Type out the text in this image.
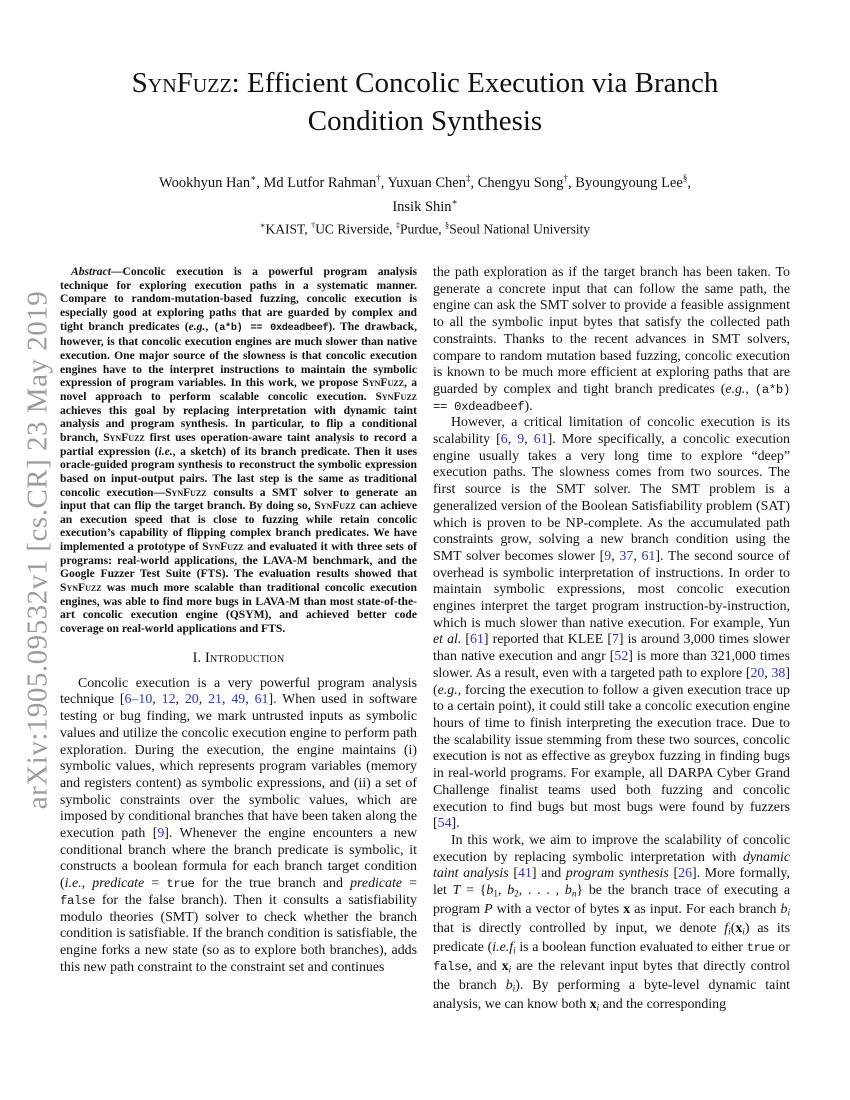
arXiv:1905.09532v1 [cs.CR] 23 May 2019
SynFuzz: Efficient Concolic Execution via Branch
Condition Synthesis
Wookhyun Han∗, Md Lutfor Rahman†, Yuxuan Chen‡, Chengyu Song†, Byoungyoung Lee§,
Insik Shin∗
∗KAIST, †UC Riverside, ‡Purdue, §Seoul National University

Abstract—Concolic execution is a powerful program analysis technique for exploring execution paths in a systematic manner. Compare to random-mutation-based fuzzing, concolic execution is especially good at exploring paths that are guarded by complex and tight branch predicates (e.g., (a*b) == 0xdeadbeef). The drawback, however, is that concolic execution engines are much slower than native execution. One major source of the slowness is that concolic execution engines have to the interpret instructions to maintain the symbolic expression of program variables. In this work, we propose SynFuzz, a novel approach to perform scalable concolic execution. SynFuzz achieves this goal by replacing interpretation with dynamic taint analysis and program synthesis. In particular, to flip a conditional branch, SynFuzz first uses operation-aware taint analysis to record a partial expression (i.e., a sketch) of its branch predicate. Then it uses oracle-guided program synthesis to reconstruct the symbolic expression based on input-output pairs. The last step is the same as traditional concolic execution—SynFuzz consults a SMT solver to generate an input that can flip the target branch. By doing so, SynFuzz can achieve an execution speed that is close to fuzzing while retain concolic execution’s capability of flipping complex branch predicates. We have implemented a prototype of SynFuzz and evaluated it with three sets of programs: real-world applications, the LAVA-M benchmark, and the Google Fuzzer Test Suite (FTS). The evaluation results showed that SynFuzz was much more scalable than traditional concolic execution engines, was able to find more bugs in LAVA-M than most state-of-the-art concolic execution engine (QSYM), and achieved better code coverage on real-world applications and FTS.

I. Introduction

Concolic execution is a very powerful program analysis technique [6–10, 12, 20, 21, 49, 61]. When used in software testing or bug finding, we mark untrusted inputs as symbolic values and utilize the concolic execution engine to perform path exploration. During the execution, the engine maintains (i) symbolic values, which represents program variables (memory and registers content) as symbolic expressions, and (ii) a set of symbolic constraints over the symbolic values, which are imposed by conditional branches that have been taken along the execution path [9]. Whenever the engine encounters a new conditional branch where the branch predicate is symbolic, it constructs a boolean formula for each branch target condition (i.e., predicate = true for the true branch and predicate = false for the false branch). Then it consults a satisfiability modulo theories (SMT) solver to check whether the branch condition is satisfiable. If the branch condition is satisfiable, the engine forks a new state (so as to explore both branches), adds this new path constraint to the constraint set and continues

the path exploration as if the target branch has been taken. To generate a concrete input that can follow the same path, the engine can ask the SMT solver to provide a feasible assignment to all the symbolic input bytes that satisfy the collected path constraints. Thanks to the recent advances in SMT solvers, compare to random mutation based fuzzing, concolic execution is known to be much more efficient at exploring paths that are guarded by complex and tight branch predicates (e.g., (a*b) == 0xdeadbeef).

However, a critical limitation of concolic execution is its scalability [6, 9, 61]. More specifically, a concolic execution engine usually takes a very long time to explore “deep” execution paths. The slowness comes from two sources. The first source is the SMT solver. The SMT problem is a generalized version of the Boolean Satisfiability problem (SAT) which is proven to be NP-complete. As the accumulated path constraints grow, solving a new branch condition using the SMT solver becomes slower [9, 37, 61]. The second source of overhead is symbolic interpretation of instructions. In order to maintain symbolic expressions, most concolic execution engines interpret the target program instruction-by-instruction, which is much slower than native execution. For example, Yun et al. [61] reported that KLEE [7] is around 3,000 times slower than native execution and angr [52] is more than 321,000 times slower. As a result, even with a targeted path to explore [20, 38] (e.g., forcing the execution to follow a given execution trace up to a certain point), it could still take a concolic execution engine hours of time to finish interpreting the execution trace. Due to the scalability issue stemming from these two sources, concolic execution is not as effective as greybox fuzzing in finding bugs in real-world programs. For example, all DARPA Cyber Grand Challenge finalist teams used both fuzzing and concolic execution to find bugs but most bugs were found by fuzzers [54].

In this work, we aim to improve the scalability of concolic execution by replacing symbolic interpretation with dynamic taint analysis [41] and program synthesis [26]. More formally, let T = {b1, b2, . . . , bn} be the branch trace of executing a program P with a vector of bytes x as input. For each branch bi that is directly controlled by input, we denote fi(xi) as its predicate (i.e.fi is a boolean function evaluated to either true or false, and xi are the relevant input bytes that directly control the branch bi). By performing a byte-level dynamic taint analysis, we can know both xi and the corresponding
